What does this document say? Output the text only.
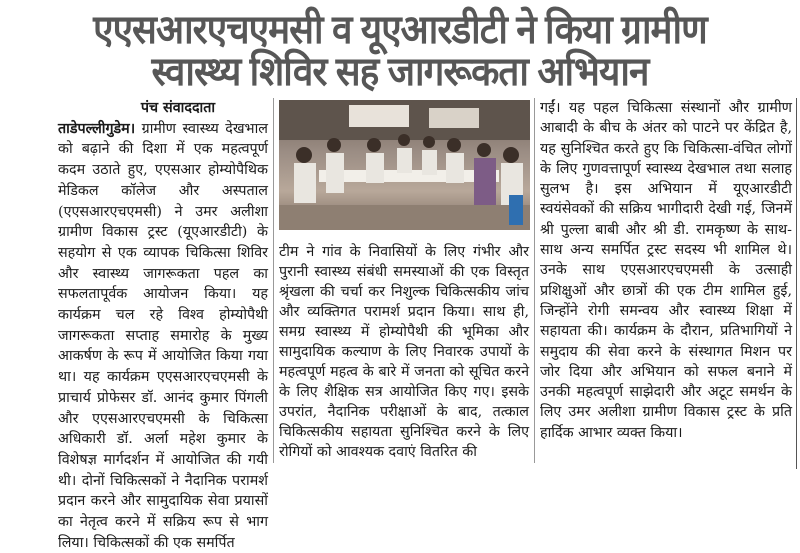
एएसआरएचएमसी व यूएआरडीटी ने किया ग्रामीण
स्वास्थ्य शिविर सह जागरूकता अभियान
पंच संवाददाता
ताडेपल्लीगुडेम। ग्रामीण स्वास्थ्य देखभाल को बढ़ाने की दिशा में एक महत्वपूर्ण कदम उठाते हुए, एएसआर होम्योपैथिक मेडिकल कॉलेज और अस्पताल (एएसआरएचएमसी) ने उमर अलीशा ग्रामीण विकास ट्रस्ट (यूएआरडीटी) के सहयोग से एक व्यापक चिकित्सा शिविर और स्वास्थ्य जागरूकता पहल का सफलतापूर्वक आयोजन किया। यह कार्यक्रम चल रहे विश्व होम्योपैथी जागरूकता सप्ताह समारोह के मुख्य आकर्षण के रूप में आयोजित किया गया था। यह कार्यक्रम एएसआरएचएमसी के प्राचार्य प्रोफेसर डॉ. आनंद कुमार पिंगली और एएसआरएचएमसी के चिकित्सा अधिकारी डॉ. अर्ला महेश कुमार के विशेषज्ञ मार्गदर्शन में आयोजित की गयी थी। दोनों चिकित्सकों ने नैदानिक परामर्श प्रदान करने और सामुदायिक सेवा प्रयासों का नेतृत्व करने में सक्रिय रूप से भाग लिया। चिकित्सकों की एक समर्पित
टीम ने गांव के निवासियों के लिए गंभीर और पुरानी स्वास्थ्य संबंधी समस्याओं की एक विस्तृत श्रृंखला की चर्चा कर निशुल्क चिकित्सकीय जांच और व्यक्तिगत परामर्श प्रदान किया। साथ ही, समग्र स्वास्थ्य में होम्योपैथी की भूमिका और सामुदायिक कल्याण के लिए निवारक उपायों के महत्वपूर्ण महत्व के बारे में जनता को सूचित करने के लिए शैक्षिक सत्र आयोजित किए गए। इसके उपरांत, नैदानिक परीक्षाओं के बाद, तत्काल चिकित्सकीय सहायता सुनिश्चित करने के लिए रोगियों को आवश्यक दवाएं वितरित की
गईं। यह पहल चिकित्सा संस्थानों और ग्रामीण आबादी के बीच के अंतर को पाटने पर केंद्रित है, यह सुनिश्चित करते हुए कि चिकित्सा-वंचित लोगों के लिए गुणवत्तापूर्ण स्वास्थ्य देखभाल तथा सलाह सुलभ है। इस अभियान में यूएआरडीटी स्वयंसेवकों की सक्रिय भागीदारी देखी गई, जिनमें श्री पुल्ला बाबी और श्री डी. रामकृष्ण के साथ-साथ अन्य समर्पित ट्रस्ट सदस्य भी शामिल थे। उनके साथ एएसआरएचएमसी के उत्साही प्रशिक्षुओं और छात्रों की एक टीम शामिल हुई, जिन्होंने रोगी समन्वय और स्वास्थ्य शिक्षा में सहायता की। कार्यक्रम के दौरान, प्रतिभागियों ने समुदाय की सेवा करने के संस्थागत मिशन पर जोर दिया और अभियान को सफल बनाने में उनकी महत्वपूर्ण साझेदारी और अटूट समर्थन के लिए उमर अलीशा ग्रामीण विकास ट्रस्ट के प्रति हार्दिक आभार व्यक्त किया।
